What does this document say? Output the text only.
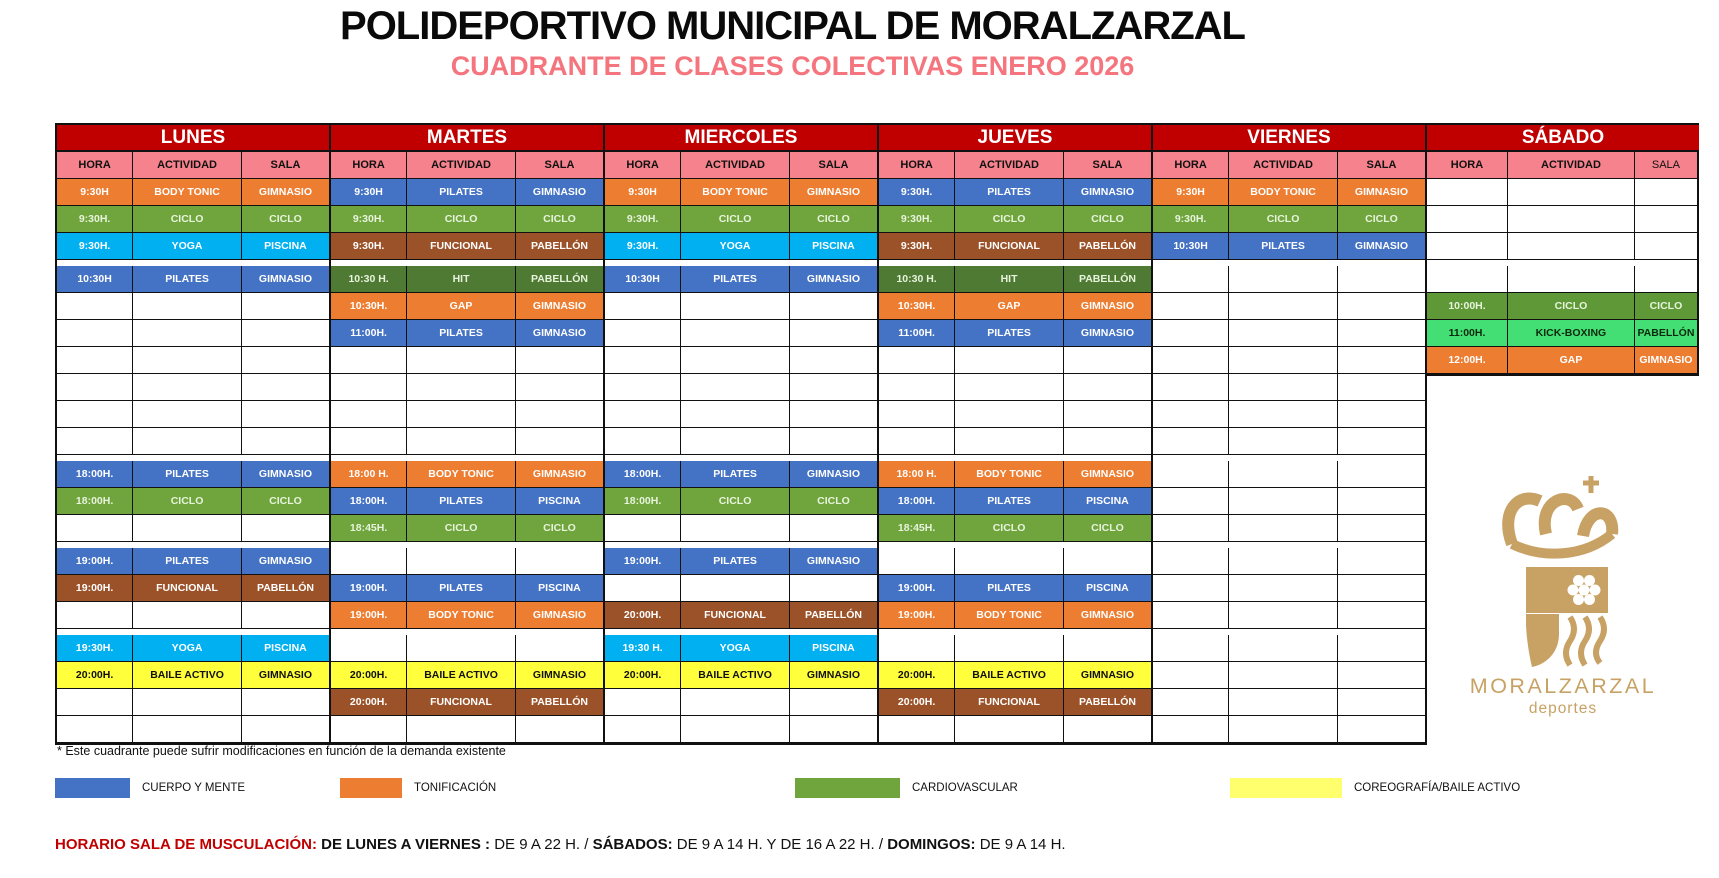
POLIDEPORTIVO MUNICIPAL DE MORALZARZAL
CUADRANTE DE CLASES COLECTIVAS ENERO 2026
LUNES
HORA	ACTIVIDAD	SALA
9:30H	BODY TONIC	GIMNASIO
9:30H.	CICLO	CICLO
9:30H.	YOGA	PISCINA
10:30H	PILATES	GIMNASIO
18:00H.	PILATES	GIMNASIO
18:00H.	CICLO	CICLO
19:00H.	PILATES	GIMNASIO
19:00H.	FUNCIONAL	PABELLÓN
19:30H.	YOGA	PISCINA
20:00H.	BAILE ACTIVO	GIMNASIO
MARTES
HORA	ACTIVIDAD	SALA
9:30H	PILATES	GIMNASIO
9:30H.	CICLO	CICLO
9:30H.	FUNCIONAL	PABELLÓN
10:30 H.	HIT	PABELLÓN
10:30H.	GAP	GIMNASIO
11:00H.	PILATES	GIMNASIO
18:00 H.	BODY TONIC	GIMNASIO
18:00H.	PILATES	PISCINA
18:45H.	CICLO	CICLO
19:00H.	PILATES	PISCINA
19:00H.	BODY TONIC	GIMNASIO
20:00H.	BAILE ACTIVO	GIMNASIO
20:00H.	FUNCIONAL	PABELLÓN
MIERCOLES
HORA	ACTIVIDAD	SALA
9:30H	BODY TONIC	GIMNASIO
9:30H.	CICLO	CICLO
9:30H.	YOGA	PISCINA
10:30H	PILATES	GIMNASIO
18:00H.	PILATES	GIMNASIO
18:00H.	CICLO	CICLO
19:00H.	PILATES	GIMNASIO
20:00H.	FUNCIONAL	PABELLÓN
19:30 H.	YOGA	PISCINA
20:00H.	BAILE ACTIVO	GIMNASIO
JUEVES
HORA	ACTIVIDAD	SALA
9:30H.	PILATES	GIMNASIO
9:30H.	CICLO	CICLO
9:30H.	FUNCIONAL	PABELLÓN
10:30 H.	HIT	PABELLÓN
10:30H.	GAP	GIMNASIO
11:00H.	PILATES	GIMNASIO
18:00 H.	BODY TONIC	GIMNASIO
18:00H.	PILATES	PISCINA
18:45H.	CICLO	CICLO
19:00H.	PILATES	PISCINA
19:00H.	BODY TONIC	GIMNASIO
20:00H.	BAILE ACTIVO	GIMNASIO
20:00H.	FUNCIONAL	PABELLÓN
VIERNES
HORA	ACTIVIDAD	SALA
9:30H	BODY TONIC	GIMNASIO
9:30H.	CICLO	CICLO
10:30H	PILATES	GIMNASIO
SÁBADO
HORA	ACTIVIDAD	SALA
10:00H.	CICLO	CICLO
11:00H.	KICK-BOXING	PABELLÓN
12:00H.	GAP	GIMNASIO
* Este cuadrante puede sufrir modificaciones en función de la demanda existente
CUERPO Y MENTE	TONIFICACIÓN	CARDIOVASCULAR	COREOGRAFÍA/BAILE ACTIVO
HORARIO SALA DE MUSCULACIÓN: DE LUNES A VIERNES : DE 9 A 22 H. / SÁBADOS: DE 9 A 14 H. Y DE 16 A 22 H. / DOMINGOS: DE 9 A 14 H.
MORALZARZAL
deportes
